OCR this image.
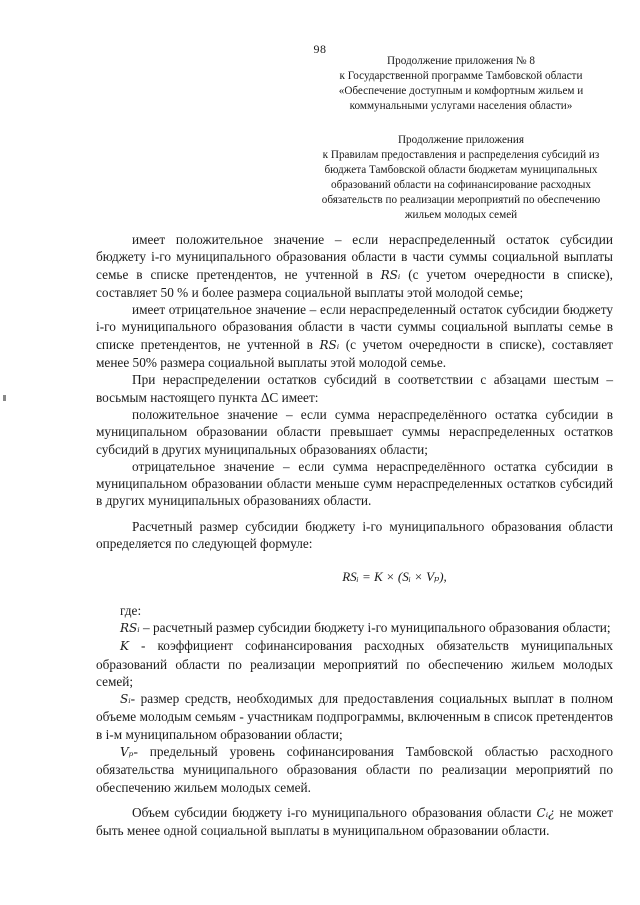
98
Продолжение приложения № 8
к Государственной программе Тамбовской области
«Обеспечение доступным и комфортным жильем и
коммунальными услугами населения области»
Продолжение приложения
к Правилам предоставления и распределения субсидий из
бюджета Тамбовской области бюджетам муниципальных
образований области на софинансирование расходных
обязательств по реализации мероприятий по обеспечению
жильем молодых семей

имеет положительное значение – если нераспределенный остаток субсидии бюджету i-го муниципального образования области в части суммы социальной выплаты семье в списке претендентов, не учтенной в RSᵢ (с учетом очередности в списке), составляет 50 % и более размера социальной выплаты этой молодой семье;

имеет отрицательное значение – если нераспределенный остаток субсидии бюджету i-го муниципального образования области в части суммы социальной выплаты семье в списке претендентов, не учтенной в RSᵢ (с учетом очередности в списке), составляет менее 50% размера социальной выплаты этой молодой семье.

При нераспределении остатков субсидий в соответствии с абзацами шестым – восьмым настоящего пункта ΔC имеет:

положительное значение – если сумма нераспределённого остатка субсидии в муниципальном образовании области превышает суммы нераспределенных остатков субсидий в других муниципальных образованиях области;

отрицательное значение – если сумма нераспределённого остатка субсидии в муниципальном образовании области меньше сумм нераспределенных остатков субсидий в других муниципальных образованиях области.

Расчетный размер субсидии бюджету i-го муниципального образования области определяется по следующей формуле:

RSᵢ = K × (Sᵢ × Vₚ),

где:

RSᵢ – расчетный размер субсидии бюджету i-го муниципального образования области;

K - коэффициент софинансирования расходных обязательств муниципальных образований области по реализации мероприятий по обеспечению жильем молодых семей;

Sᵢ- размер средств, необходимых для предоставления социальных выплат в полном объеме молодым семьям - участникам подпрограммы, включенным в список претендентов в i-м муниципальном образовании области;

Vₚ- предельный уровень софинансирования Тамбовской областью расходного обязательства муниципального образования области по реализации мероприятий по обеспечению жильем молодых семей.

Объем субсидии бюджету i-го муниципального образования области Cᵢ¿ не может быть менее одной социальной выплаты в муниципальном образовании области.
